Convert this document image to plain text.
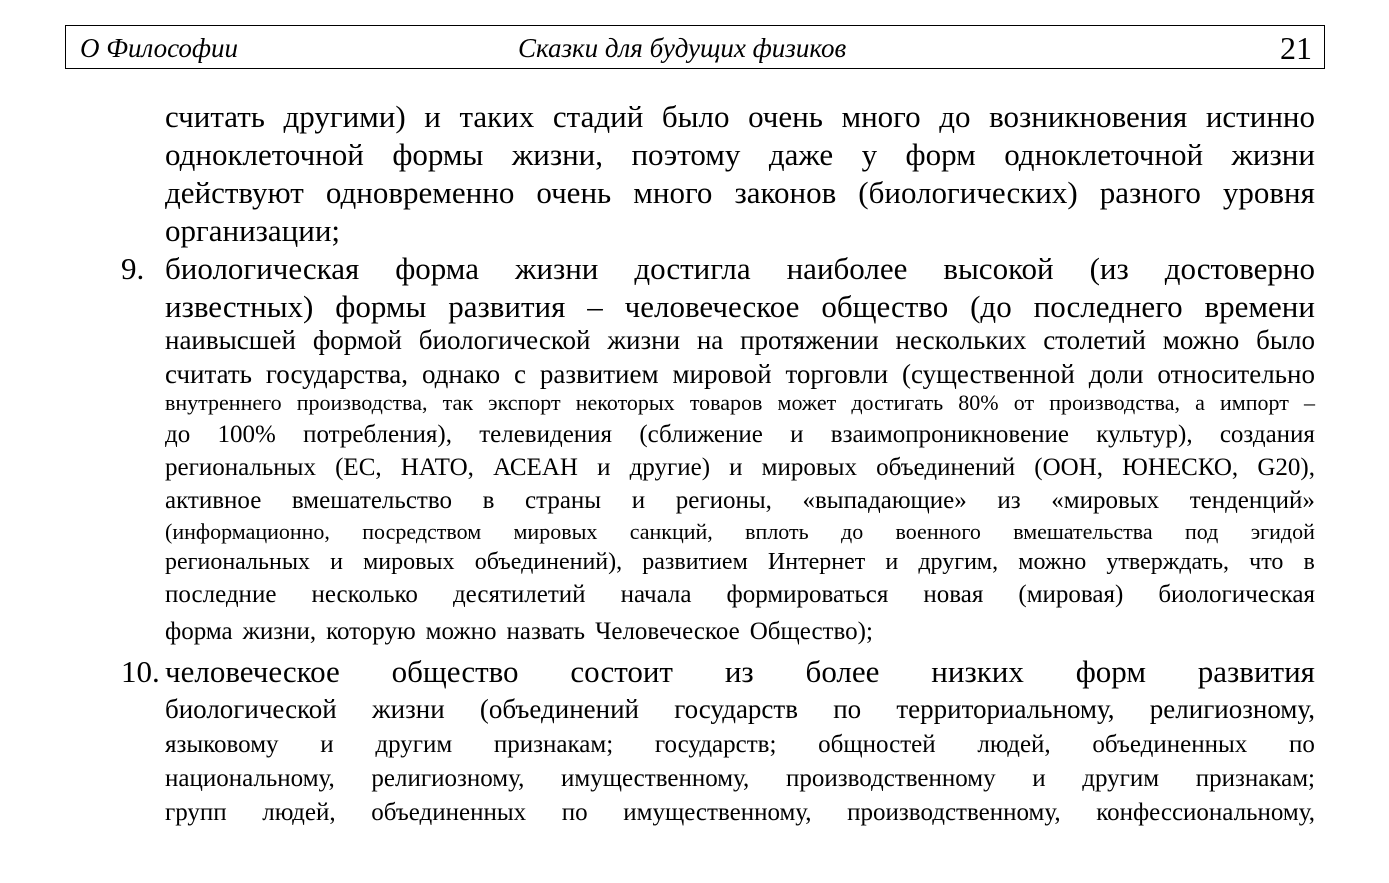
О Философии	Сказки для будущих физиков	21
считать другими) и таких стадий было очень много до возникновения истинно
одноклеточной формы жизни, поэтому даже у форм одноклеточной жизни
действуют одновременно очень много законов (биологических) разного уровня
организации;
9. биологическая форма жизни достигла наиболее высокой (из достоверно
известных) формы развития – человеческое общество (до последнего времени
наивысшей формой биологической жизни на протяжении нескольких столетий можно было
считать государства, однако с развитием мировой торговли (существенной доли относительно
внутреннего производства, так экспорт некоторых товаров может достигать 80% от производства, а импорт –
до 100% потребления), телевидения (сближение и взаимопроникновение культур), создания
региональных (ЕС, НАТО, АСЕАН и другие) и мировых объединений (ООН, ЮНЕСКО, G20),
активное вмешательство в страны и регионы, «выпадающие» из «мировых тенденций»
(информационно, посредством мировых санкций, вплоть до военного вмешательства под эгидой
региональных и мировых объединений), развитием Интернет и другим, можно утверждать, что в
последние несколько десятилетий начала формироваться новая (мировая) биологическая
форма жизни, которую можно назвать Человеческое Общество);
10. человеческое общество состоит из более низких форм развития
биологической жизни (объединений государств по территориальному, религиозному,
языковому и другим признакам; государств; общностей людей, объединенных по
национальному, религиозному, имущественному, производственному и другим признакам;
групп людей, объединенных по имущественному, производственному, конфессиональному,
